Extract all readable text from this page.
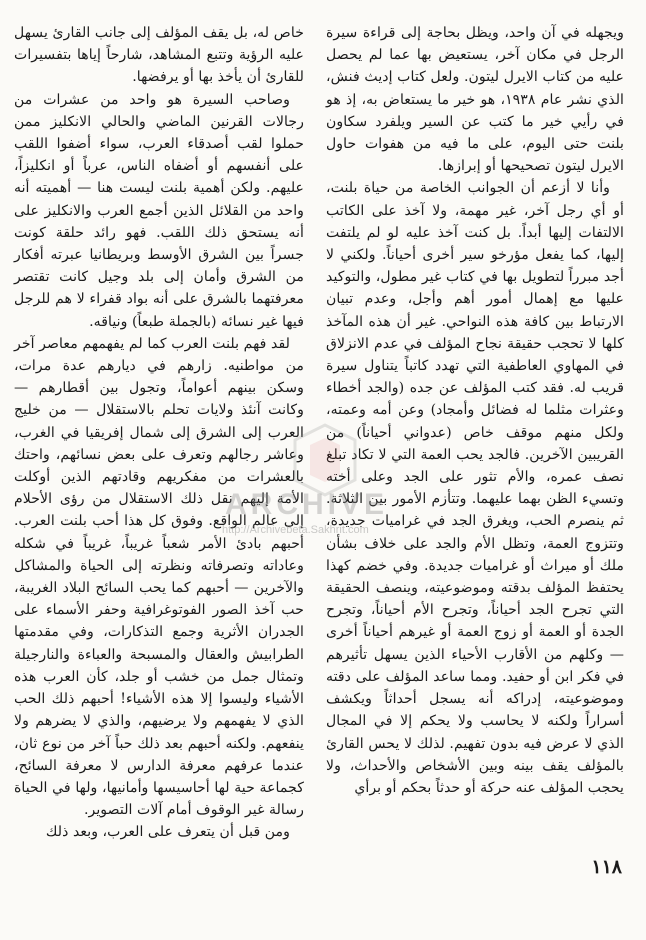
ويجهله في آن واحد، ويظل بحاجة إلى قراءة سيرة الرجل في مكان آخر، يستعيض بها عما لم يحصل عليه من كتاب الايرل ليتون. ولعل كتاب إديث فنش، الذي نشر عام ١٩٣٨، هو خير ما يستعاض به، إذ هو في رأيي خير ما كتب عن السير ويلفرد سكاون بلنت حتى اليوم، على ما فيه من هفوات حاول الايرل ليتون تصحيحها أو إبرازها.

وأنا لا أزعم أن الجوانب الخاصة من حياة بلنت، أو أي رجل آخر، غير مهمة، ولا آخذ على الكاتب الالتفات إليها أبداً. بل كنت آخذ عليه لو لم يلتفت إليها، كما يفعل مؤرخو سير أخرى أحياناً. ولكني لا أجد مبرراً لتطويل بها في كتاب غير مطول، والتوكيد عليها مع إهمال أمور أهم وأجل، وعدم تبيان الارتباط بين كافة هذه النواحي. غير أن هذه المآخذ كلها لا تحجب حقيقة نجاح المؤلف في عدم الانزلاق في المهاوي العاطفية التي تهدد كاتباً يتناول سيرة قريب له. فقد كتب المؤلف عن جده (والجد أخطاء وعثرات مثلما له فضائل وأمجاد) وعن أمه وعمته، ولكل منهم موقف خاص (عدواني أحياناً) من القريبين الآخرين. فالجد يحب العمة التي لا تكاد تبلغ نصف عمره، والأم تثور على الجد وعلى أخته وتسيء الظن بهما عليهما. وتتأزم الأمور بين الثلاثة. ثم ينصرم الحب، ويغرق الجد في غراميات جديدة، وتتزوج العمة، وتظل الأم والجد على خلاف بشأن ملك أو ميراث أو غراميات جديدة. وفي خضم كهذا يحتفظ المؤلف بدقته وموضوعيته، وينصف الحقيقة التي تجرح الجد أحياناً، وتجرح الأم أحياناً، وتجرح الجدة أو العمة أو زوج العمة أو غيرهم أحياناً أخرى — وكلهم من الأقارب الأحياء الذين يسهل تأثيرهم في فكر ابن أو حفيد. ومما ساعد المؤلف على دقته وموضوعيته، إدراكه أنه يسجل أحداثاً ويكشف أسراراً ولكنه لا يحاسب ولا يحكم إلا في المجال الذي لا عرض فيه بدون تفهيم. لذلك لا يحس القارئ بالمؤلف يقف بينه وبين الأشخاص والأحداث، ولا يحجب المؤلف عنه حركة أو حدثاً بحكم أو برأي

خاص له، بل يقف المؤلف إلى جانب القارئ يسهل عليه الرؤية وتتبع المشاهد، شارحاً إياها بتفسيرات للقارئ أن يأخذ بها أو يرفضها.

وصاحب السيرة هو واحد من عشرات من رجالات القرنين الماضي والحالي الانكليز ممن حملوا لقب أصدقاء العرب، سواء أضفوا اللقب على أنفسهم أو أضفاه الناس، عرباً أو انكليزاً، عليهم. ولكن أهمية بلنت ليست هنا — أهميته أنه واحد من القلائل الذين أجمع العرب والانكليز على أنه يستحق ذلك اللقب. فهو رائد حلقة كونت جسراً بين الشرق الأوسط وبريطانيا عبرته أفكار من الشرق وأمان إلى بلد وجيل كانت تقتصر معرفتهما بالشرق على أنه بواد قفراء لا هم للرجل فيها غير نسائه (بالجملة طبعاً) ونياقه.

لقد فهم بلنت العرب كما لم يفهمهم معاصر آخر من مواطنيه. زارهم في ديارهم عدة مرات، وسكن بينهم أعواماً، وتجول بين أقطارهم — وكانت آنئذ ولايات تحلم بالاستقلال — من خليج العرب إلى الشرق إلى شمال إفريقيا في الغرب، وعاشر رجالهم وتعرف على بعض نسائهم، واحتك بالعشرات من مفكريهم وقادتهم الذين أوكلت الأمة إليهم نقل ذلك الاستقلال من رؤى الأحلام إلى عالم الواقع. وفوق كل هذا أحب بلنت العرب. أحبهم بادئ الأمر شعباً غريباً، غريباً في شكله وعاداته وتصرفاته ونظرته إلى الحياة والمشاكل والآخرين — أحبهم كما يحب السائح البلاد الغريبة، حب آخذ الصور الفوتوغرافية وحفر الأسماء على الجدران الأثرية وجمع التذكارات، وفي مقدمتها الطرابيش والعقال والمسبحة والعباءة والنارجيلة وتمثال جمل من خشب أو جلد، كأن العرب هذه الأشياء وليسوا إلا هذه الأشياء! أحبهم ذلك الحب الذي لا يفهمهم ولا يرضيهم، والذي لا يضرهم ولا ينفعهم. ولكنه أحبهم بعد ذلك حباً آخر من نوع ثان، عندما عرفهم معرفة الدارس لا معرفة السائح، كجماعة حية لها أحاسيسها وأمانيها، ولها في الحياة رسالة غير الوقوف أمام آلات التصوير.

ومن قبل أن يتعرف على العرب، وبعد ذلك

ARCHIVE
http://Archivebeta.Sakhrit.com
١١٨
